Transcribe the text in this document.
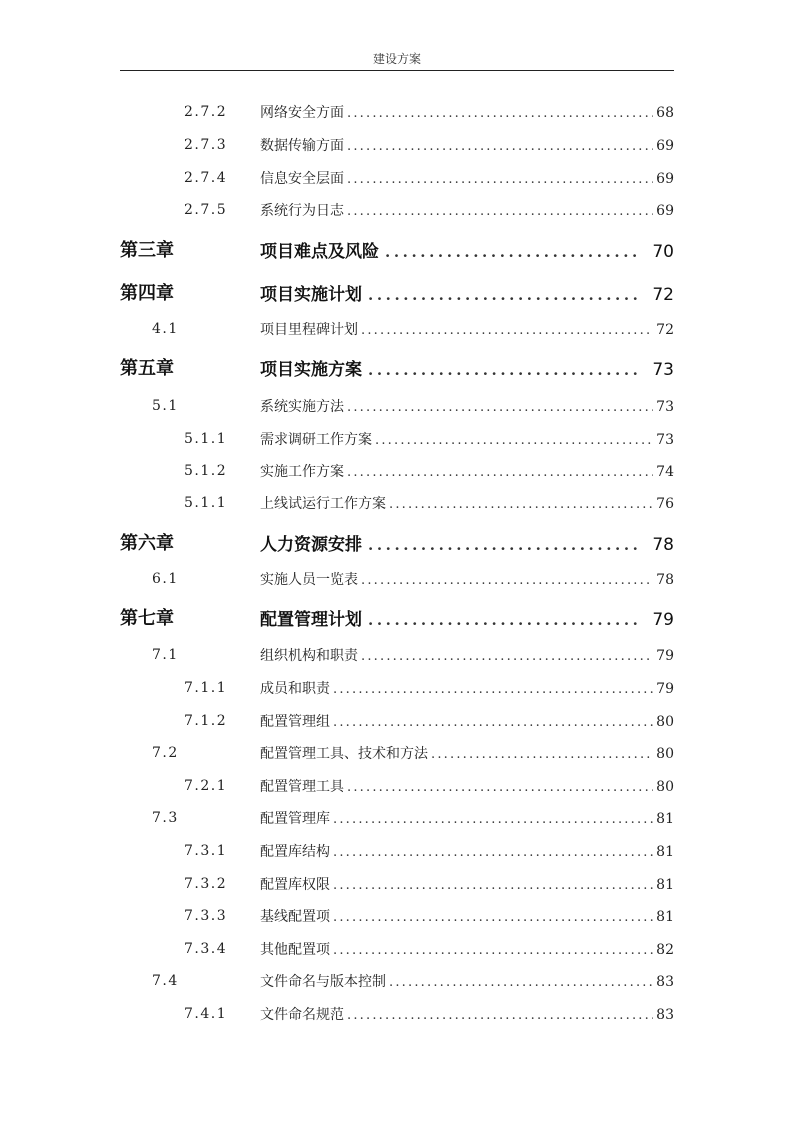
建设方案
2.7.2 网络安全方面 .....	68
2.7.3 数据传输方面 .....	69
2.7.4 信息安全层面 .....	69
2.7.5 系统行为日志 .....	69
第三章	项目难点及风险 .....	70
第四章	项目实施计划 .....	72
4.1	项目里程碑计划 .....	72
第五章	项目实施方案 .....	73
5.1	系统实施方法 .....	73
5.1.1 需求调研工作方案 .....	73
5.1.2 实施工作方案 .....	74
5.1.1 上线试运行工作方案 .....	76
第六章	人力资源安排 .....	78
6.1	实施人员一览表 .....	78
第七章	配置管理计划 .....	79
7.1	组织机构和职责 .....	79
7.1.1 成员和职责 .....	79
7.1.2 配置管理组 .....	80
7.2	配置管理工具、技术和方法 .....	80
7.2.1 配置管理工具 .....	80
7.3	配置管理库 .....	81
7.3.1 配置库结构 .....	81
7.3.2 配置库权限 .....	81
7.3.3 基线配置项 .....	81
7.3.4 其他配置项 .....	82
7.4	文件命名与版本控制 .....	83
7.4.1 文件命名规范 .....	83
